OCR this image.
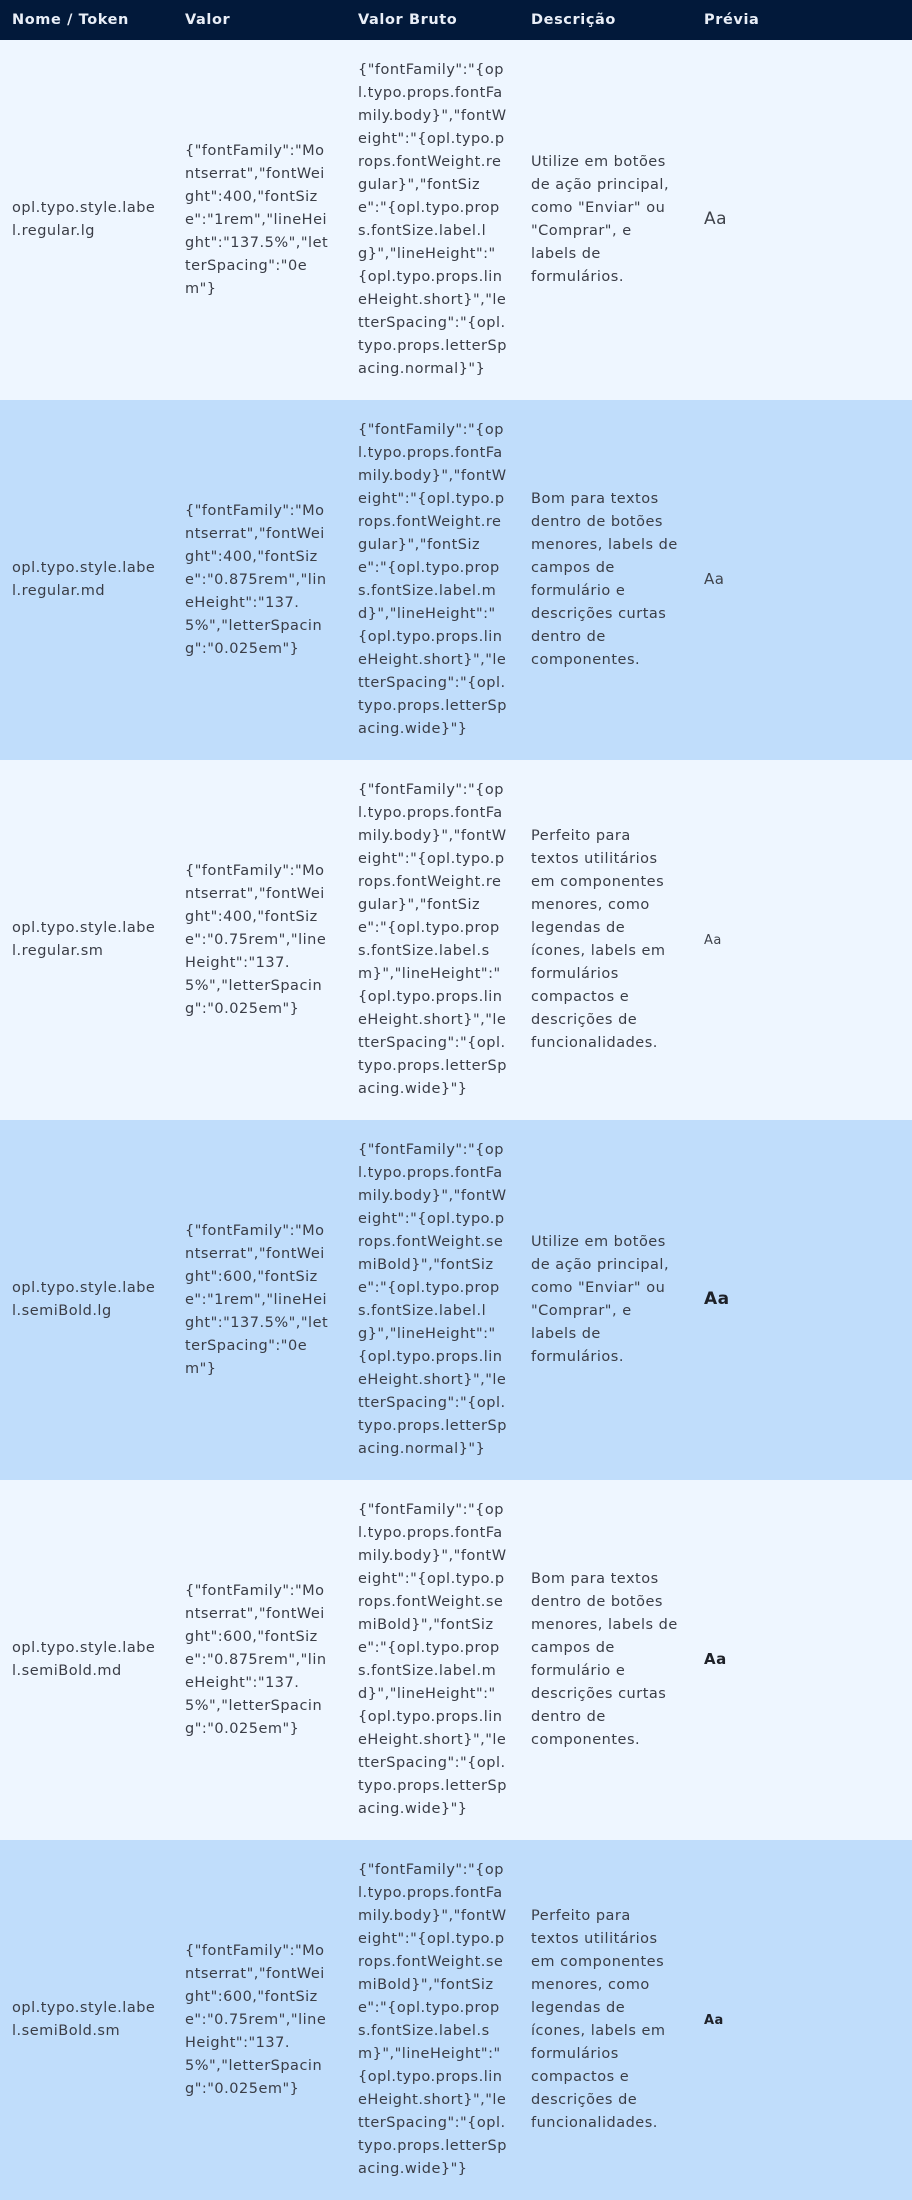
Nome / Token	Valor	Valor Bruto	Descrição	Prévia
opl.typo.style.label.regular.lg	{"fontFamily":"Montserrat","fontWeight":400,"fontSize":"1rem","lineHeight":"137.5%","letterSpacing":"0em"}	{"fontFamily":"{opl.typo.props.fontFamily.body}","fontWeight":"{opl.typo.props.fontWeight.regular}","fontSize":"{opl.typo.props.fontSize.label.lg}","lineHeight":"{opl.typo.props.lineHeight.short}","letterSpacing":"{opl.typo.props.letterSpacing.normal}"}	Utilize em botões de ação principal, como "Enviar" ou "Comprar", e labels de formulários.	Aa
opl.typo.style.label.regular.md	{"fontFamily":"Montserrat","fontWeight":400,"fontSize":"0.875rem","lineHeight":"137.5%","letterSpacing":"0.025em"}	{"fontFamily":"{opl.typo.props.fontFamily.body}","fontWeight":"{opl.typo.props.fontWeight.regular}","fontSize":"{opl.typo.props.fontSize.label.md}","lineHeight":"{opl.typo.props.lineHeight.short}","letterSpacing":"{opl.typo.props.letterSpacing.wide}"}	Bom para textos dentro de botões menores, labels de campos de formulário e descrições curtas dentro de componentes.	Aa
opl.typo.style.label.regular.sm	{"fontFamily":"Montserrat","fontWeight":400,"fontSize":"0.75rem","lineHeight":"137.5%","letterSpacing":"0.025em"}	{"fontFamily":"{opl.typo.props.fontFamily.body}","fontWeight":"{opl.typo.props.fontWeight.regular}","fontSize":"{opl.typo.props.fontSize.label.sm}","lineHeight":"{opl.typo.props.lineHeight.short}","letterSpacing":"{opl.typo.props.letterSpacing.wide}"}	Perfeito para textos utilitários em componentes menores, como legendas de ícones, labels em formulários compactos e descrições de funcionalidades.	Aa
opl.typo.style.label.semiBold.lg	{"fontFamily":"Montserrat","fontWeight":600,"fontSize":"1rem","lineHeight":"137.5%","letterSpacing":"0em"}	{"fontFamily":"{opl.typo.props.fontFamily.body}","fontWeight":"{opl.typo.props.fontWeight.semiBold}","fontSize":"{opl.typo.props.fontSize.label.lg}","lineHeight":"{opl.typo.props.lineHeight.short}","letterSpacing":"{opl.typo.props.letterSpacing.normal}"}	Utilize em botões de ação principal, como "Enviar" ou "Comprar", e labels de formulários.	Aa
opl.typo.style.label.semiBold.md	{"fontFamily":"Montserrat","fontWeight":600,"fontSize":"0.875rem","lineHeight":"137.5%","letterSpacing":"0.025em"}	{"fontFamily":"{opl.typo.props.fontFamily.body}","fontWeight":"{opl.typo.props.fontWeight.semiBold}","fontSize":"{opl.typo.props.fontSize.label.md}","lineHeight":"{opl.typo.props.lineHeight.short}","letterSpacing":"{opl.typo.props.letterSpacing.wide}"}	Bom para textos dentro de botões menores, labels de campos de formulário e descrições curtas dentro de componentes.	Aa
opl.typo.style.label.semiBold.sm	{"fontFamily":"Montserrat","fontWeight":600,"fontSize":"0.75rem","lineHeight":"137.5%","letterSpacing":"0.025em"}	{"fontFamily":"{opl.typo.props.fontFamily.body}","fontWeight":"{opl.typo.props.fontWeight.semiBold}","fontSize":"{opl.typo.props.fontSize.label.sm}","lineHeight":"{opl.typo.props.lineHeight.short}","letterSpacing":"{opl.typo.props.letterSpacing.wide}"}	Perfeito para textos utilitários em componentes menores, como legendas de ícones, labels em formulários compactos e descrições de funcionalidades.	Aa
